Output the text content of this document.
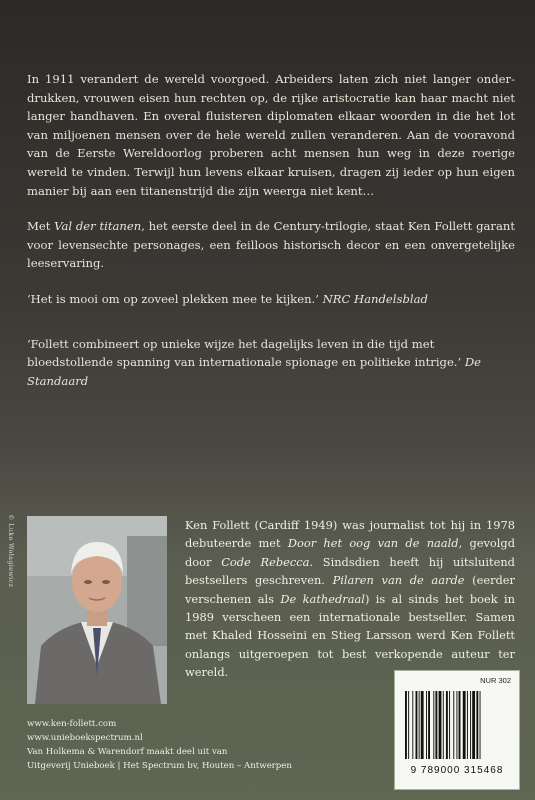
In 1911 verandert de wereld voorgoed. Arbeiders laten zich niet langer onderdrukken, vrouwen eisen hun rechten op, de rijke aristocratie kan haar macht niet langer handhaven. En overal fluisteren diplomaten elkaar woorden in die het lot van miljoenen mensen over de hele wereld zullen veranderen. Aan de vooravond van de Eerste Wereldoorlog proberen acht mensen hun weg in deze roerige wereld te vinden. Terwijl hun levens elkaar kruisen, dragen zij ieder op hun eigen manier bij aan een titanenstrijd die zijn weerga niet kent…

Met Val der titanen, het eerste deel in de Century-trilogie, staat Ken Follett garant voor levensechte personages, een feilloos historisch decor en een onvergetelijke leeservaring.

‘Het is mooi om op zoveel plekken mee te kijken.’ NRC Handelsblad

‘Follett combineert op unieke wijze het dagelijks leven in die tijd met bloedstollende spanning van internationale spionage en politieke intrige.’ De Standaard

© Luke Wolagiewicz	Ken Follett (Cardiff 1949) was journalist tot hij in 1978 debuteerde met Door het oog van de naald, gevolgd door Code Rebecca. Sindsdien heeft hij uitsluitend bestsellers geschreven. Pilaren van de aarde (eerder verschenen als De kathedraal) is al sinds het boek in 1989 verscheen een internationale bestseller. Samen met Khaled Hosseini en Stieg Larsson werd Ken Follett onlangs uitgeroepen tot best verkopende auteur ter wereld.

NUR 302
9 789000 315468

www.ken-follett.com

www.unieboekspectrum.nl

Van Holkema & Warendorf maakt deel uit van

Uitgeverij Unieboek | Het Spectrum bv, Houten – Antwerpen
